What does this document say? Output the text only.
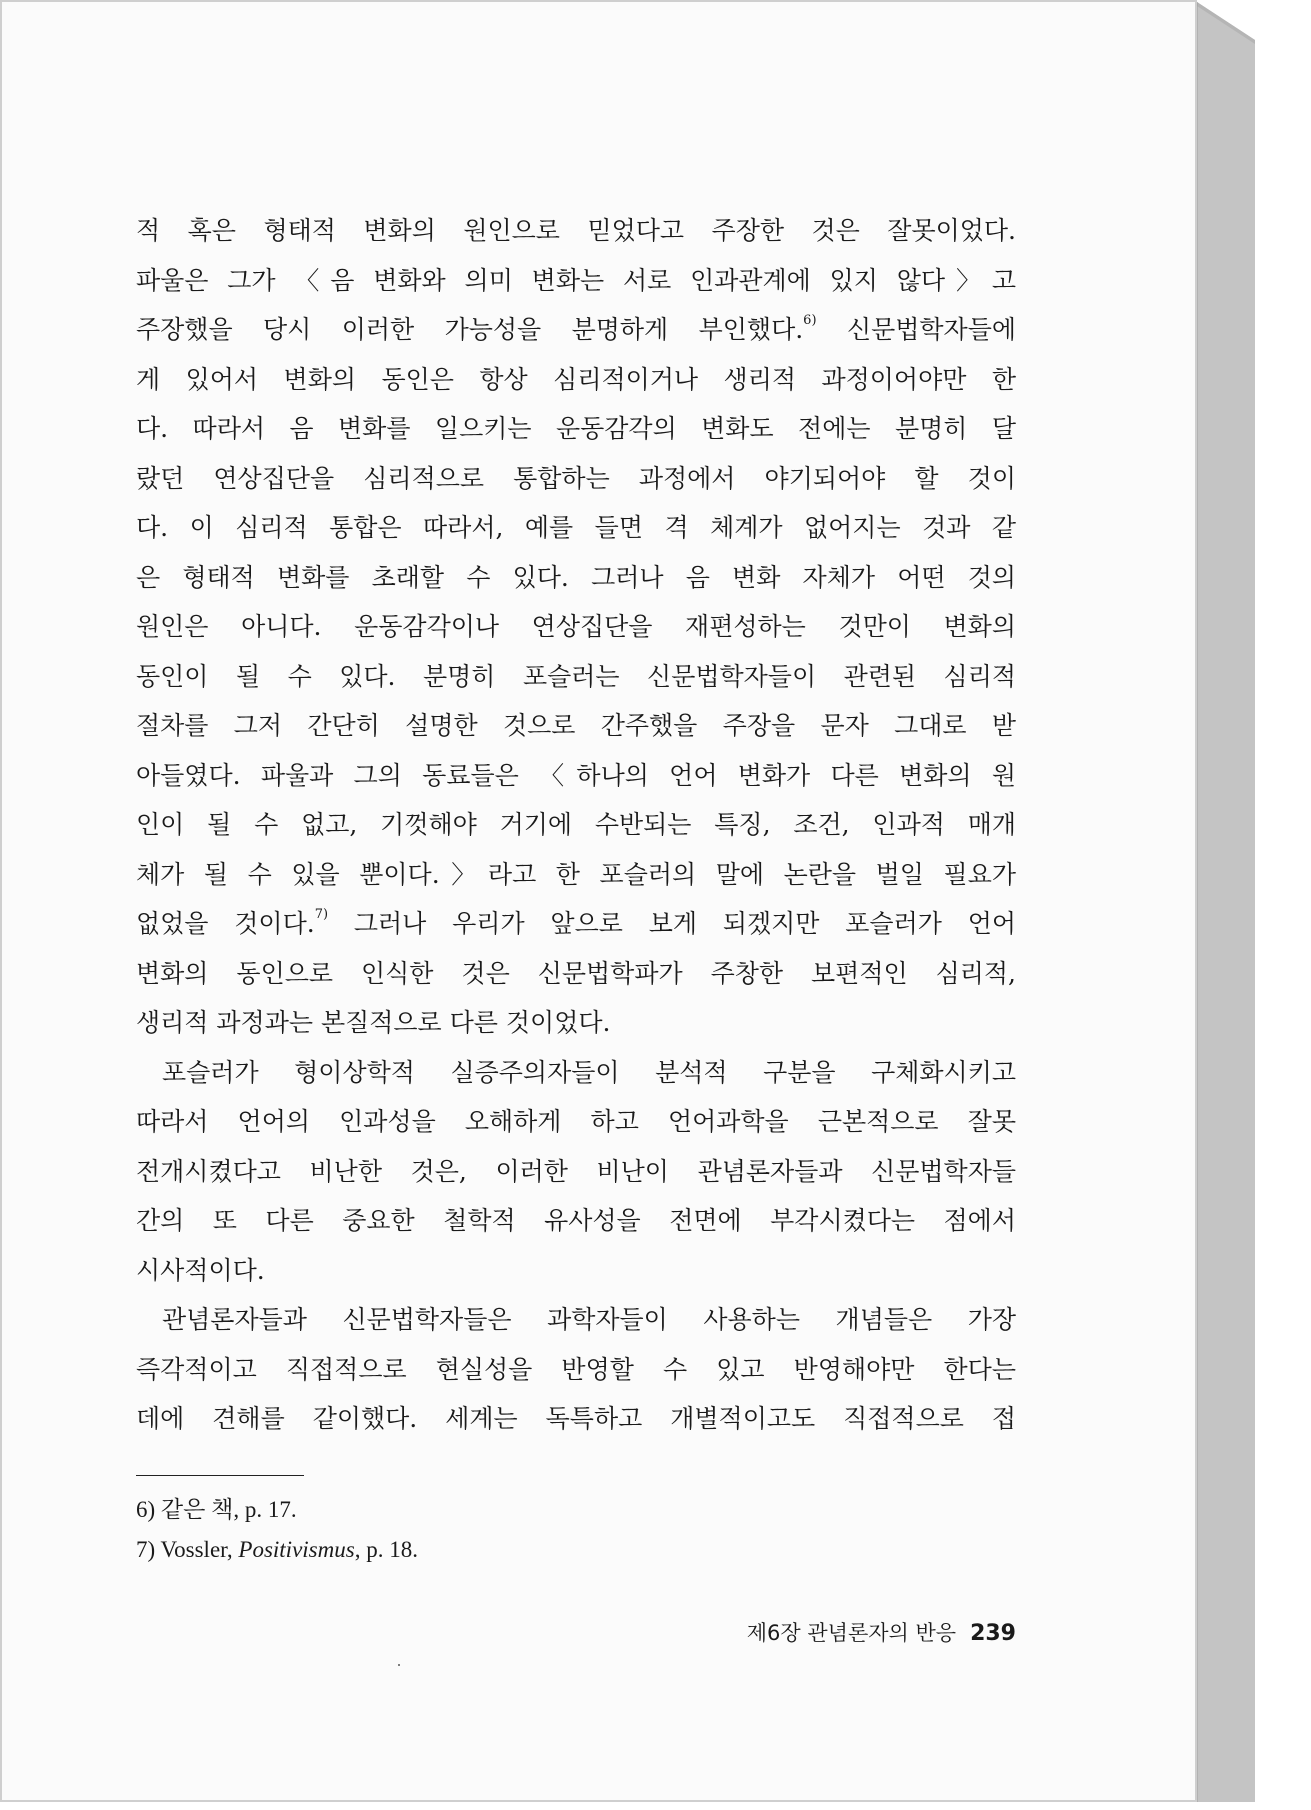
적 혹은 형태적 변화의 원인으로 믿었다고 주장한 것은 잘못이었다.
파울은 그가 〈음 변화와 의미 변화는 서로 인과관계에 있지 않다〉고
주장했을 당시 이러한 가능성을 분명하게 부인했다.$^{6)}$ 신문법학자들에
게 있어서 변화의 동인은 항상 심리적이거나 생리적 과정이어야만 한
다. 따라서 음 변화를 일으키는 운동감각의 변화도 전에는 분명히 달
랐던 연상집단을 심리적으로 통합하는 과정에서 야기되어야 할 것이
다. 이 심리적 통합은 따라서, 예를 들면 격 체계가 없어지는 것과 같
은 형태적 변화를 초래할 수 있다. 그러나 음 변화 자체가 어떤 것의
원인은 아니다. 운동감각이나 연상집단을 재편성하는 것만이 변화의
동인이 될 수 있다. 분명히 포슬러는 신문법학자들이 관련된 심리적
절차를 그저 간단히 설명한 것으로 간주했을 주장을 문자 그대로 받
아들였다. 파울과 그의 동료들은 〈하나의 언어 변화가 다른 변화의 원
인이 될 수 없고, 기껏해야 거기에 수반되는 특징, 조건, 인과적 매개
체가 될 수 있을 뿐이다.〉라고 한 포슬러의 말에 논란을 벌일 필요가
없었을 것이다.$^{7)}$ 그러나 우리가 앞으로 보게 되겠지만 포슬러가 언어
변화의 동인으로 인식한 것은 신문법학파가 주창한 보편적인 심리적,
생리적 과정과는 본질적으로 다른 것이었다.
포슬러가 형이상학적 실증주의자들이 분석적 구분을 구체화시키고
따라서 언어의 인과성을 오해하게 하고 언어과학을 근본적으로 잘못
전개시켰다고 비난한 것은, 이러한 비난이 관념론자들과 신문법학자들
간의 또 다른 중요한 철학적 유사성을 전면에 부각시켰다는 점에서
시사적이다.
관념론자들과 신문법학자들은 과학자들이 사용하는 개념들은 가장
즉각적이고 직접적으로 현실성을 반영할 수 있고 반영해야만 한다는
데에 견해를 같이했다. 세계는 독특하고 개별적이고도 직접적으로 접
6) 같은 책, p. 17.
7) Vossler, Positivismus, p. 18.
제6장 관념론자의 반응 239
